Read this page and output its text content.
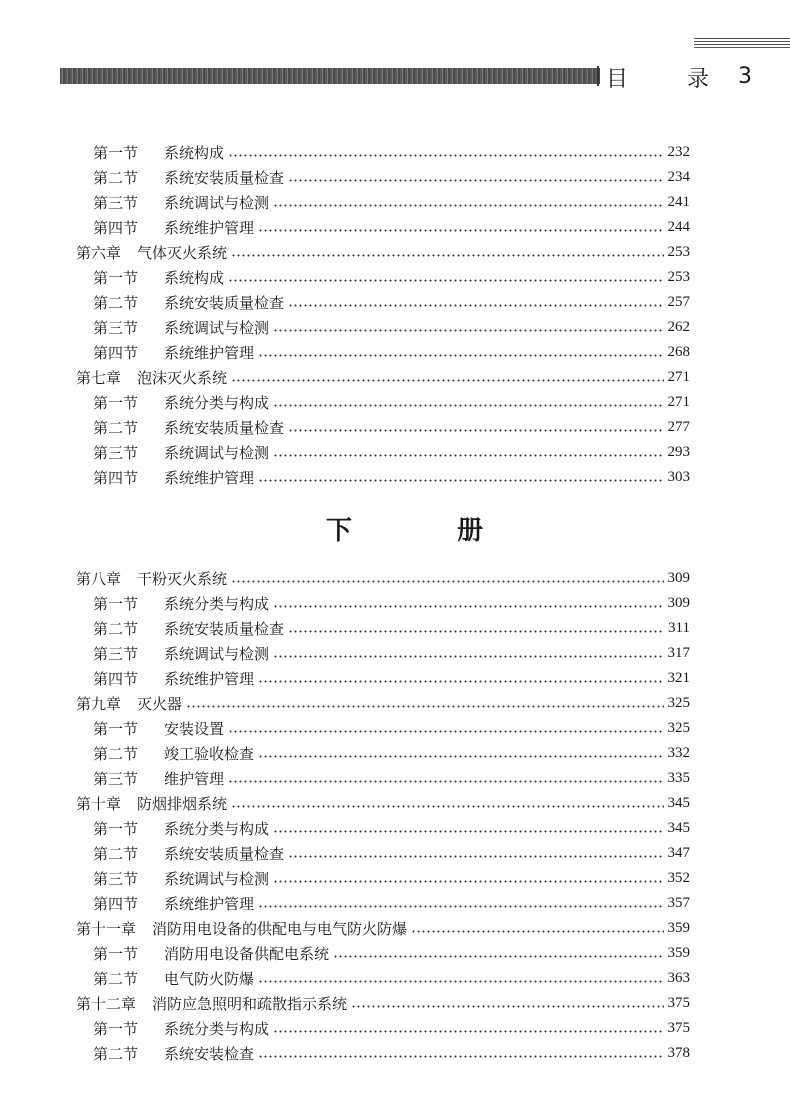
目 录 3
第一节	系统构成	232
第二节	系统安装质量检查	234
第三节	系统调试与检测	241
第四节	系统维护管理	244
第六章 气体灭火系统	253
第一节	系统构成	253
第二节	系统安装质量检查	257
第三节	系统调试与检测	262
第四节	系统维护管理	268
第七章 泡沫灭火系统	271
第一节	系统分类与构成	271
第二节	系统安装质量检查	277
第三节	系统调试与检测	293
第四节	系统维护管理	303
下 册
第八章 干粉灭火系统	309
第一节	系统分类与构成	309
第二节	系统安装质量检查	311
第三节	系统调试与检测	317
第四节	系统维护管理	321
第九章 灭火器	325
第一节	安装设置	325
第二节	竣工验收检查	332
第三节	维护管理	335
第十章 防烟排烟系统	345
第一节	系统分类与构成	345
第二节	系统安装质量检查	347
第三节	系统调试与检测	352
第四节	系统维护管理	357
第十一章 消防用电设备的供配电与电气防火防爆	359
第一节	消防用电设备供配电系统	359
第二节	电气防火防爆	363
第十二章 消防应急照明和疏散指示系统	375
第一节	系统分类与构成	375
第二节	系统安装检查	378
